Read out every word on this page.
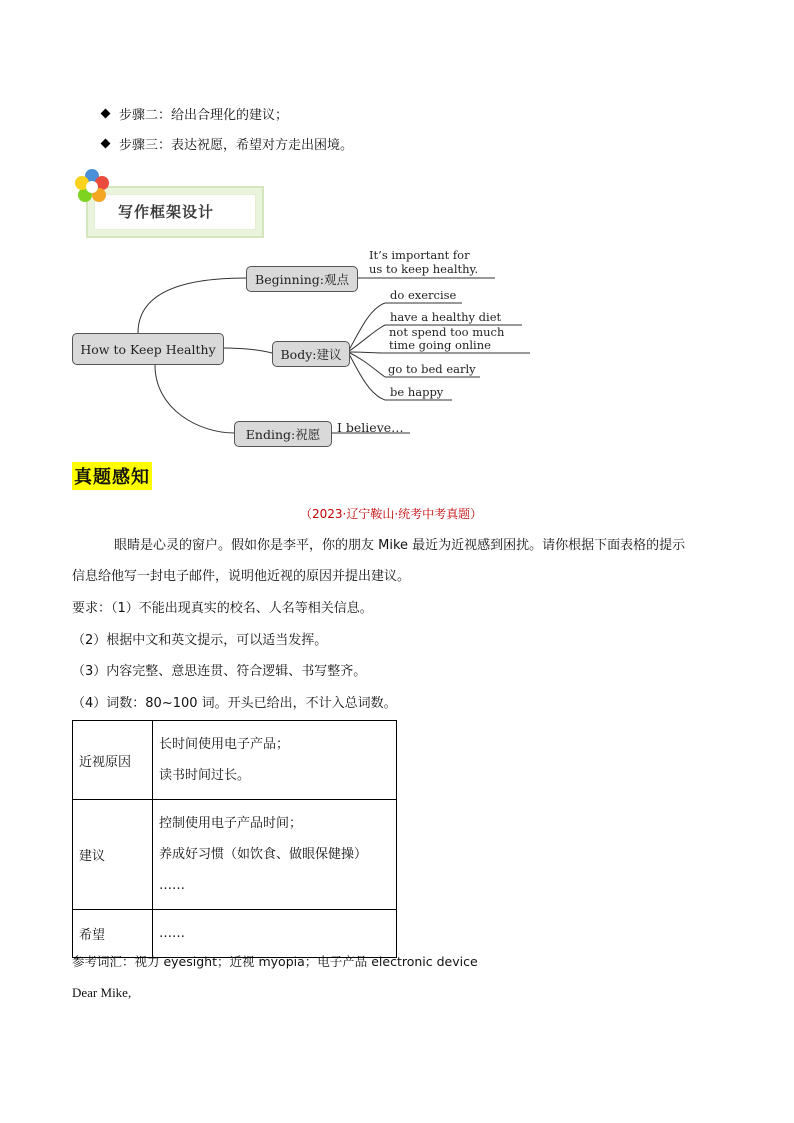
步骤二：给出合理化的建议；
步骤三：表达祝愿，希望对方走出困境。
写作框架设计
How to Keep Healthy
Beginning:观点
Body:建议
Ending:祝愿
It’s important for
us to keep healthy.
do exercise
have a healthy diet
not spend too much
time going online
go to bed early
be happy
I believe…
真题感知
（2023·辽宁鞍山·统考中考真题）
眼睛是心灵的窗户。假如你是李平，你的朋友 Mike 最近为近视感到困扰。请你根据下面表格的提示
信息给他写一封电子邮件，说明他近视的原因并提出建议。
要求：（1）不能出现真实的校名、人名等相关信息。
（2）根据中文和英文提示，可以适当发挥。
（3）内容完整、意思连贯、符合逻辑、书写整齐。
（4）词数：80~100 词。开头已给出，不计入总词数。
近视原因	长时间使用电子产品；
读书时间过长。

建议	控制使用电子产品时间；
养成好习惯（如饮食、做眼保健操）
……

希望	……
参考词汇：视力 eyesight；近视 myopia；电子产品 electronic device
Dear Mike,
